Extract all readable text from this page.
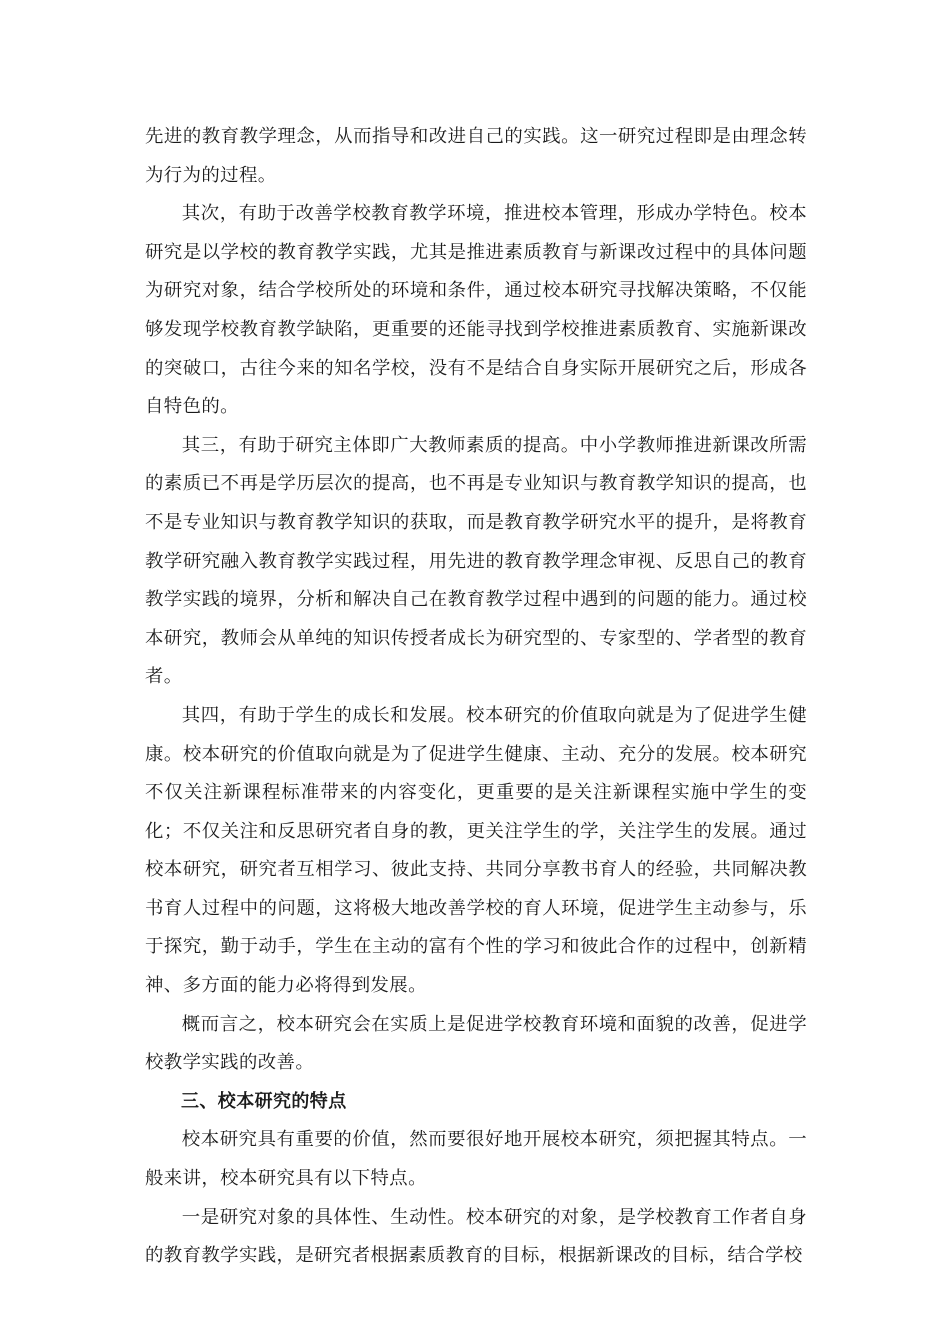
先进的教育教学理念，从而指导和改进自己的实践。这一研究过程即是由理念转为行为的过程。

其次，有助于改善学校教育教学环境，推进校本管理，形成办学特色。校本研究是以学校的教育教学实践，尤其是推进素质教育与新课改过程中的具体问题为研究对象，结合学校所处的环境和条件，通过校本研究寻找解决策略，不仅能够发现学校教育教学缺陷，更重要的还能寻找到学校推进素质教育、实施新课改的突破口，古往今来的知名学校，没有不是结合自身实际开展研究之后，形成各自特色的。

其三，有助于研究主体即广大教师素质的提高。中小学教师推进新课改所需的素质已不再是学历层次的提高，也不再是专业知识与教育教学知识的提高，也不是专业知识与教育教学知识的获取，而是教育教学研究水平的提升，是将教育教学研究融入教育教学实践过程，用先进的教育教学理念审视、反思自己的教育教学实践的境界，分析和解决自己在教育教学过程中遇到的问题的能力。通过校本研究，教师会从单纯的知识传授者成长为研究型的、专家型的、学者型的教育者。

其四，有助于学生的成长和发展。校本研究的价值取向就是为了促进学生健康。校本研究的价值取向就是为了促进学生健康、主动、充分的发展。校本研究不仅关注新课程标准带来的内容变化，更重要的是关注新课程实施中学生的变化；不仅关注和反思研究者自身的教，更关注学生的学，关注学生的发展。通过校本研究，研究者互相学习、彼此支持、共同分享教书育人的经验，共同解决教书育人过程中的问题，这将极大地改善学校的育人环境，促进学生主动参与，乐于探究，勤于动手，学生在主动的富有个性的学习和彼此合作的过程中，创新精神、多方面的能力必将得到发展。

概而言之，校本研究会在实质上是促进学校教育环境和面貌的改善，促进学校教学实践的改善。

三、校本研究的特点

校本研究具有重要的价值，然而要很好地开展校本研究，须把握其特点。一般来讲，校本研究具有以下特点。

一是研究对象的具体性、生动性。校本研究的对象，是学校教育工作者自身的教育教学实践，是研究者根据素质教育的目标，根据新课改的目标，结合学校
